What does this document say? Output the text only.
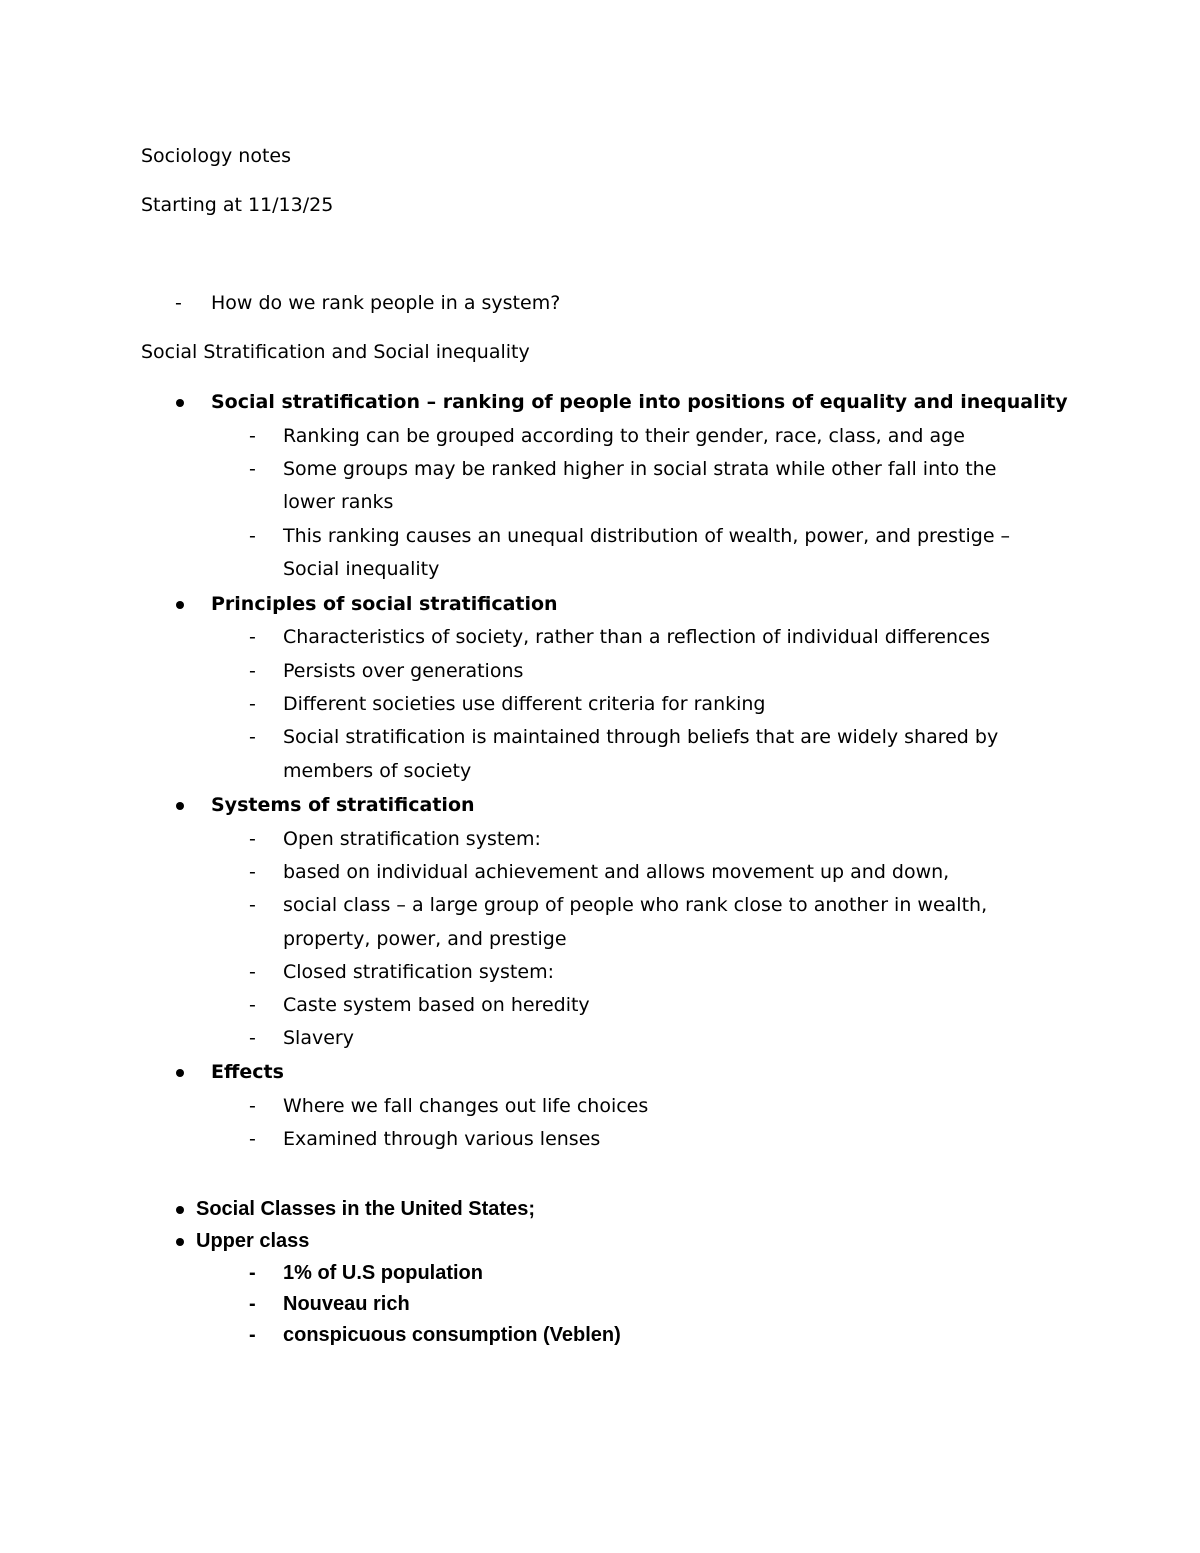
Sociology notes
Starting at 11/13/25
- How do we rank people in a system?
Social Stratification and Social inequality
Social stratification – ranking of people into positions of equality and inequality
- Ranking can be grouped according to their gender, race, class, and age
- Some groups may be ranked higher in social strata while other fall into the
lower ranks
- This ranking causes an unequal distribution of wealth, power, and prestige –
Social inequality
Principles of social stratification
- Characteristics of society, rather than a reflection of individual differences
- Persists over generations
- Different societies use different criteria for ranking
- Social stratification is maintained through beliefs that are widely shared by
members of society
Systems of stratification
- Open stratification system:
- based on individual achievement and allows movement up and down,
- social class – a large group of people who rank close to another in wealth,
property, power, and prestige
- Closed stratification system:
- Caste system based on heredity
- Slavery
Effects
- Where we fall changes out life choices
- Examined through various lenses
Social Classes in the United States;
Upper class
- 1% of U.S population
- Nouveau rich
- conspicuous consumption (Veblen)
